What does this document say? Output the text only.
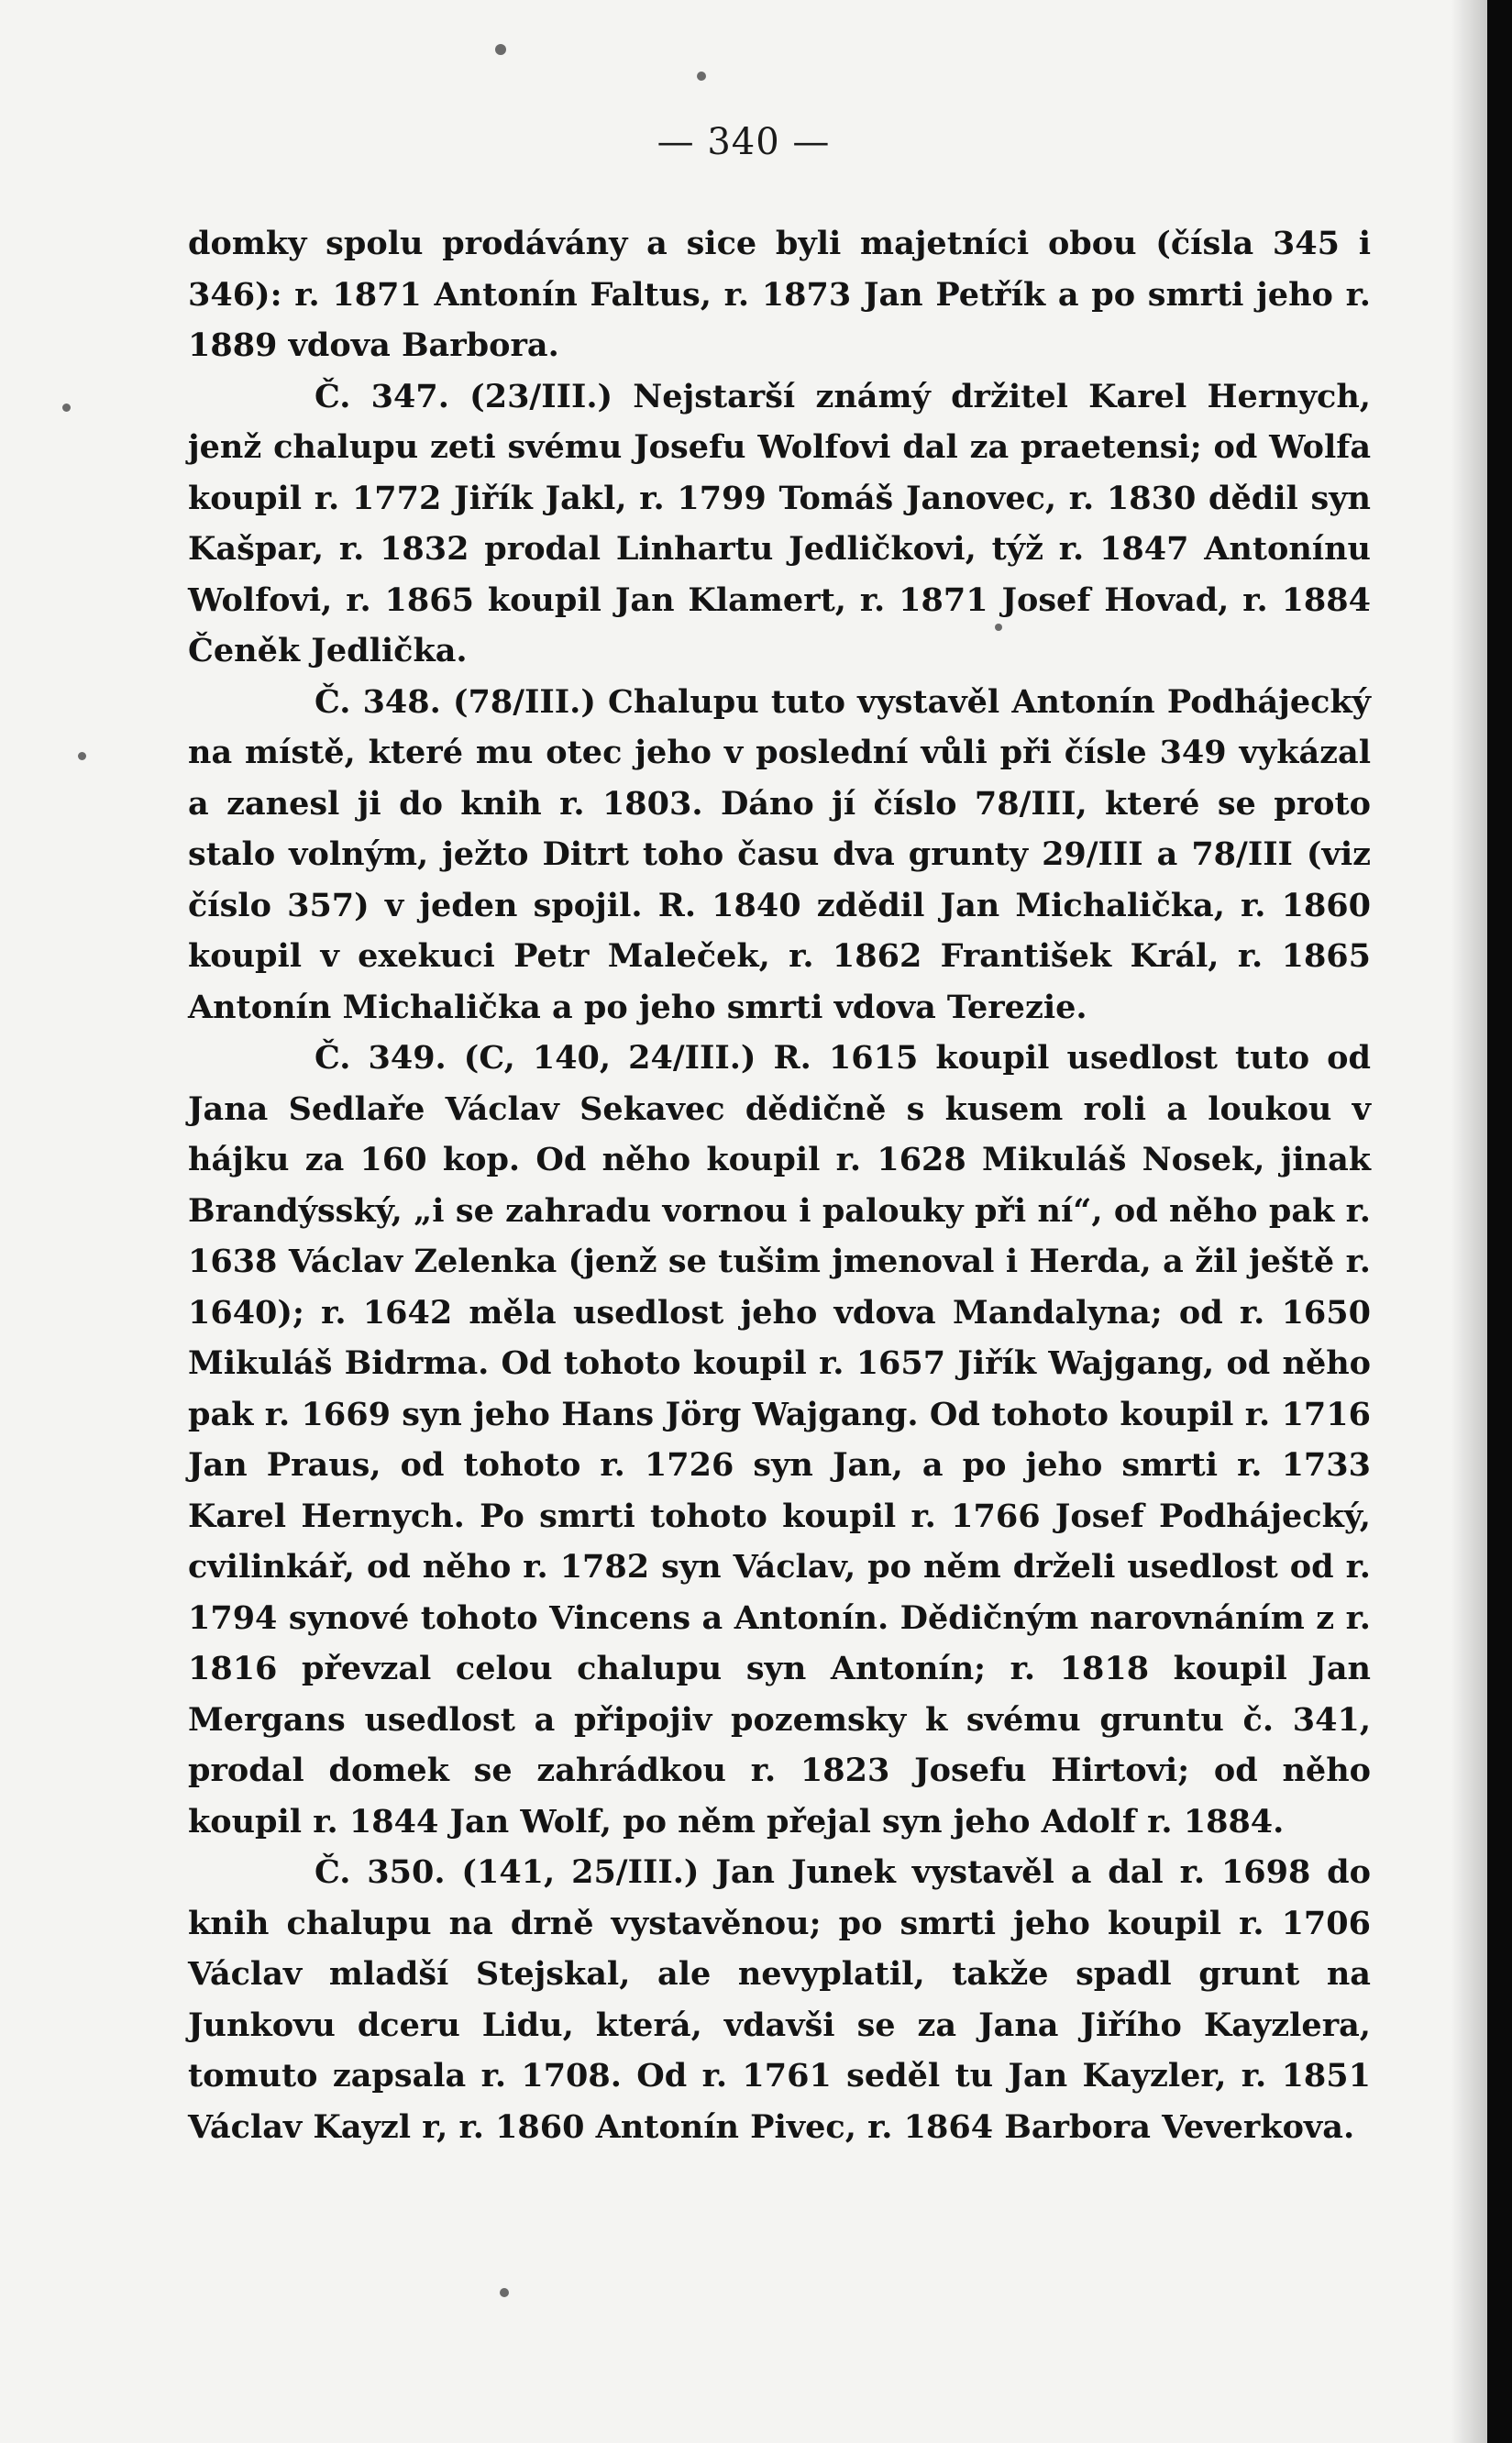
— 340 —

domky spolu prodávány a sice byli majetníci obou (čísla 345 i 346): r. 1871 Antonín Faltus, r. 1873 Jan Petřík a po smrti jeho r. 1889 vdova Barbora.

Č. 347. (23/III.) Nejstarší známý držitel Karel Hernych, jenž chalupu zeti svému Josefu Wolfovi dal za praetensi; od Wolfa koupil r. 1772 Jiřík Jakl, r. 1799 Tomáš Janovec, r. 1830 dědil syn Kašpar, r. 1832 prodal Linhartu Jedličkovi, týž r. 1847 Antonínu Wolfovi, r. 1865 koupil Jan Klamert, r. 1871 Josef Hovad, r. 1884 Čeněk Jedlička.

Č. 348. (78/III.) Chalupu tuto vystavěl Antonín Podhájecký na místě, které mu otec jeho v poslední vůli při čísle 349 vykázal a zanesl ji do knih r. 1803. Dáno jí číslo 78/III, které se proto stalo volným, ježto Ditrt toho času dva grunty 29/III a 78/III (viz číslo 357) v jeden spojil. R. 1840 zdědil Jan Michalička, r. 1860 koupil v exekuci Petr Maleček, r. 1862 František Král, r. 1865 Antonín Michalička a po jeho smrti vdova Terezie.

Č. 349. (C, 140, 24/III.) R. 1615 koupil usedlost tuto od Jana Sedlaře Václav Sekavec dědičně s kusem roli a loukou v hájku za 160 kop. Od něho koupil r. 1628 Mikuláš Nosek, jinak Brandýsský, „i se zahradu vornou i palouky při ní“, od něho pak r. 1638 Václav Zelenka (jenž se tušim jmenoval i Herda, a žil ještě r. 1640); r. 1642 měla usedlost jeho vdova Mandalyna; od r. 1650 Mikuláš Bidrma. Od tohoto koupil r. 1657 Jiřík Wajgang, od něho pak r. 1669 syn jeho Hans Jörg Wajgang. Od tohoto koupil r. 1716 Jan Praus, od tohoto r. 1726 syn Jan, a po jeho smrti r. 1733 Karel Hernych. Po smrti tohoto koupil r. 1766 Josef Podhájecký, cvilinkář, od něho r. 1782 syn Václav, po něm drželi usedlost od r. 1794 synové tohoto Vincens a Antonín. Dědičným narovnáním z r. 1816 převzal celou chalupu syn Antonín; r. 1818 koupil Jan Mergans usedlost a připojiv pozemsky k svému gruntu č. 341, prodal domek se zahrádkou r. 1823 Josefu Hirtovi; od něho koupil r. 1844 Jan Wolf, po něm přejal syn jeho Adolf r. 1884.

Č. 350. (141, 25/III.) Jan Junek vystavěl a dal r. 1698 do knih chalupu na drně vystavěnou; po smrti jeho koupil r. 1706 Václav mladší Stejskal, ale nevyplatil, takže spadl grunt na Junkovu dceru Lidu, která, vdavši se za Jana Jiřího Kayzlera, tomuto zapsala r. 1708. Od r. 1761 seděl tu Jan Kayzler, r. 1851 Václav Kayzl r, r. 1860 Antonín Pivec, r. 1864 Barbora Veverkova.
